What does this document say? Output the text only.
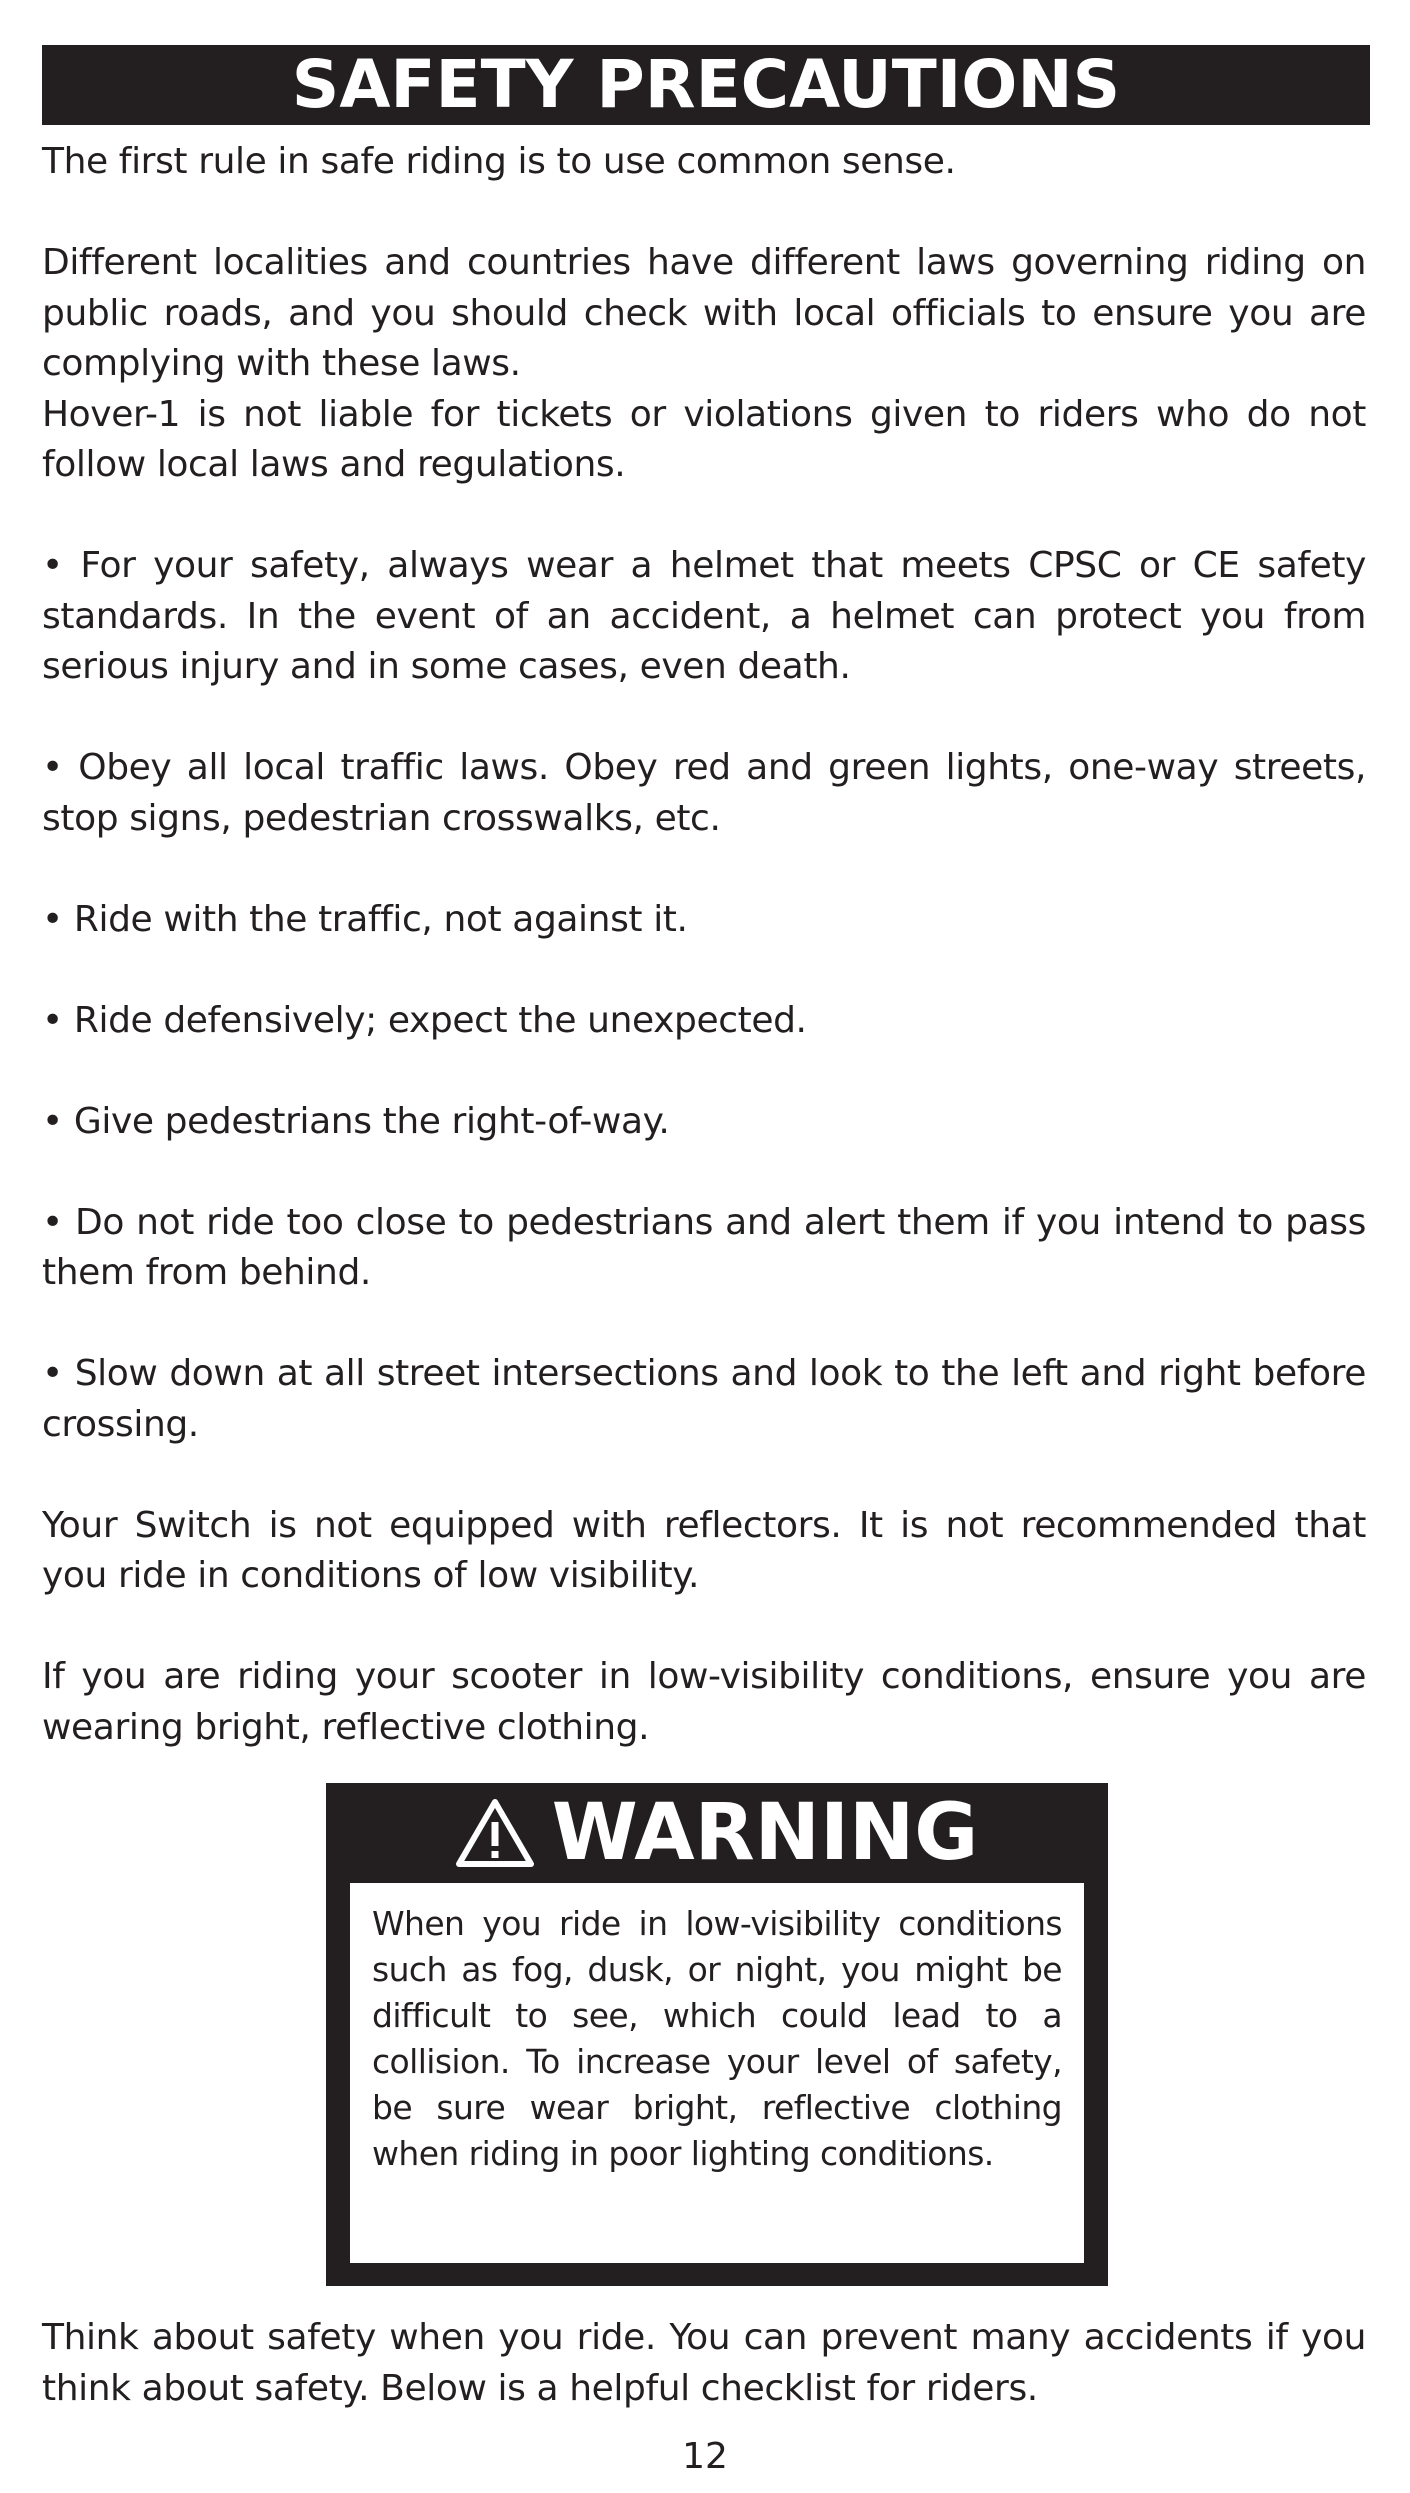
SAFETY PRECAUTIONS

The first rule in safe riding is to use common sense.

Different localities and countries have different laws governing riding on public roads, and you should check with local officials to ensure you are complying with these laws.

Hover-1 is not liable for tickets or violations given to riders who do not follow local laws and regulations.

• For your safety, always wear a helmet that meets CPSC or CE safety standards. In the event of an accident, a helmet can protect you from serious injury and in some cases, even death.

• Obey all local traffic laws. Obey red and green lights, one-way streets, stop signs, pedestrian crosswalks, etc.

• Ride with the traffic, not against it.

• Ride defensively; expect the unexpected.

• Give pedestrians the right-of-way.

• Do not ride too close to pedestrians and alert them if you intend to pass them from behind.

• Slow down at all street intersections and look to the left and right before crossing.

Your Switch is not equipped with reflectors. It is not recommended that you ride in conditions of low visibility.

If you are riding your scooter in low-visibility conditions, ensure you are wearing bright, reflective clothing.

WARNING

When you ride in low-visibility conditions such as fog, dusk, or night, you might be difficult to see, which could lead to a collision. To increase your level of safety, be sure wear bright, reflective clothing when riding in poor lighting conditions.

Think about safety when you ride. You can prevent many accidents if you think about safety. Below is a helpful checklist for riders.

12
